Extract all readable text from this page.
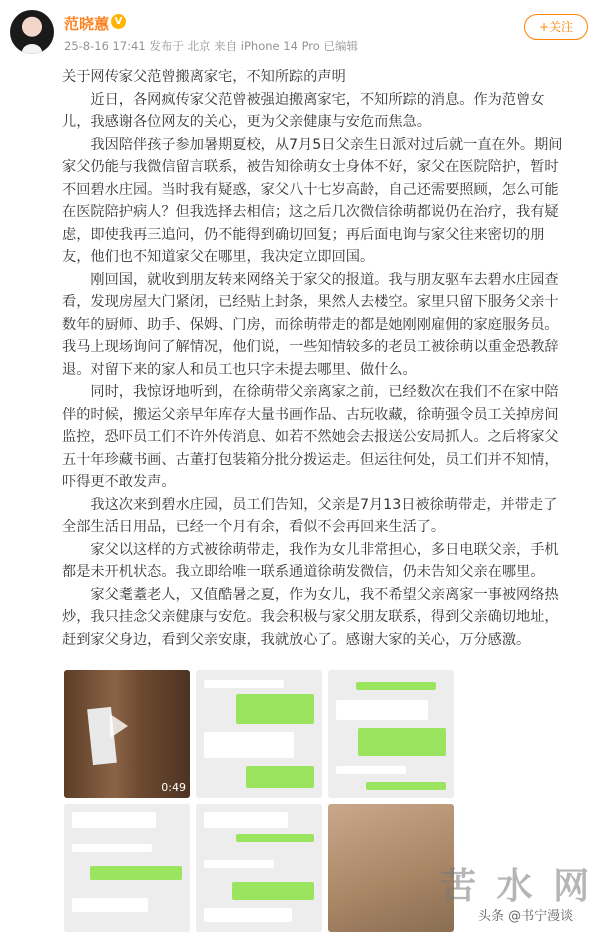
范晓蕙 V
25-8-16 17:41 发布于 北京 来自 iPhone 14 Pro 已编辑
+关注

关于网传家父范曾搬离家宅，不知所踪的声明

近日，各网疯传家父范曾被强迫搬离家宅，不知所踪的消息。作为范曾女儿，我感谢各位网友的关心，更为父亲健康与安危而焦急。

我因陪伴孩子参加暑期夏校，从7月5日父亲生日派对过后就一直在外。期间家父仍能与我微信留言联系，被告知徐萌女士身体不好，家父在医院陪护，暂时不回碧水庄园。当时我有疑惑，家父八十七岁高龄，自己还需要照顾，怎么可能在医院陪护病人？但我选择去相信；这之后几次微信徐萌都说仍在治疗，我有疑虑，即使我再三追问，仍不能得到确切回复；再后面电询与家父往来密切的朋友，他们也不知道家父在哪里，我决定立即回国。

刚回国，就收到朋友转来网络关于家父的报道。我与朋友驱车去碧水庄园查看，发现房屋大门紧闭，已经贴上封条，果然人去楼空。家里只留下服务父亲十数年的厨师、助手、保姆、门房，而徐萌带走的都是她刚刚雇佣的家庭服务员。我马上现场询问了解情况，他们说，一些知情较多的老员工被徐萌以重金恐教辞退。对留下来的家人和员工也只字未提去哪里、做什么。

同时，我惊讶地听到，在徐萌带父亲离家之前，已经数次在我们不在家中陪伴的时候，搬运父亲早年库存大量书画作品、古玩收藏，徐萌强令员工关掉房间监控，恐吓员工们不许外传消息、如若不然她会去报送公安局抓人。之后将家父五十年珍藏书画、古董打包装箱分批分拨运走。但运往何处，员工们并不知情，吓得更不敢发声。

我这次来到碧水庄园，员工们告知，父亲是7月13日被徐萌带走，并带走了全部生活日用品，已经一个月有余，看似不会再回来生活了。

家父以这样的方式被徐萌带走，我作为女儿非常担心，多日电联父亲，手机都是未开机状态。我立即给唯一联系通道徐萌发微信，仍未告知父亲在哪里。

家父耄耋老人，又值酷暑之夏，作为女儿，我不希望父亲离家一事被网络热炒，我只挂念父亲健康与安危。我会积极与家父朋友联系，得到父亲确切地址，赶到家父身边，看到父亲安康，我就放心了。感谢大家的关心，万分感激。

0:49
苦 水 网
头条 @书宁漫谈
